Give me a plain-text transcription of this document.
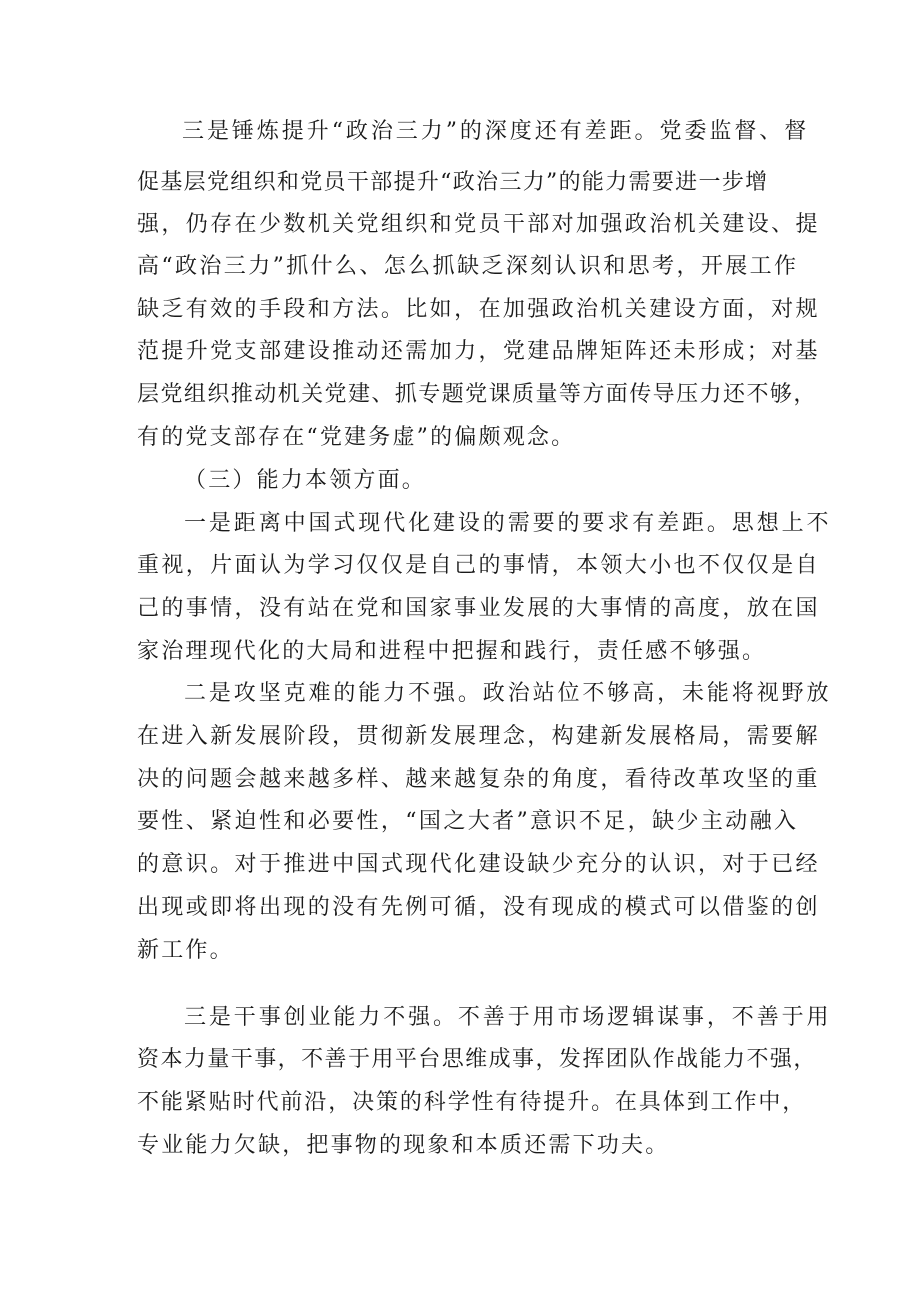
三是锤炼提升“政治三力”的深度还有差距。党委监督、督
促基层党组织和党员干部提升“政治三力”的能力需要进一步增
强，仍存在少数机关党组织和党员干部对加强政治机关建设、提
高“政治三力”抓什么、怎么抓缺乏深刻认识和思考，开展工作
缺乏有效的手段和方法。比如，在加强政治机关建设方面，对规
范提升党支部建设推动还需加力，党建品牌矩阵还未形成；对基
层党组织推动机关党建、抓专题党课质量等方面传导压力还不够，
有的党支部存在“党建务虚”的偏颇观念。
（三）能力本领方面。
一是距离中国式现代化建设的需要的要求有差距。思想上不
重视，片面认为学习仅仅是自己的事情，本领大小也不仅仅是自
己的事情，没有站在党和国家事业发展的大事情的高度，放在国
家治理现代化的大局和进程中把握和践行，责任感不够强。
二是攻坚克难的能力不强。政治站位不够高，未能将视野放
在进入新发展阶段，贯彻新发展理念，构建新发展格局，需要解
决的问题会越来越多样、越来越复杂的角度，看待改革攻坚的重
要性、紧迫性和必要性，“国之大者”意识不足，缺少主动融入
的意识。对于推进中国式现代化建设缺少充分的认识，对于已经
出现或即将出现的没有先例可循，没有现成的模式可以借鉴的创
新工作。
三是干事创业能力不强。不善于用市场逻辑谋事，不善于用
资本力量干事，不善于用平台思维成事，发挥团队作战能力不强，
不能紧贴时代前沿，决策的科学性有待提升。在具体到工作中，
专业能力欠缺，把事物的现象和本质还需下功夫。
